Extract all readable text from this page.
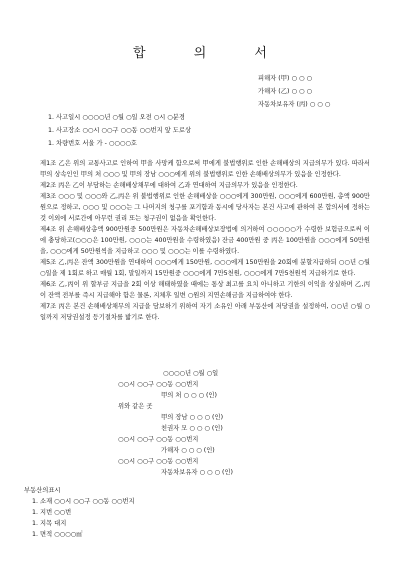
합 의 서
피해자 (甲) ○ ○ ○
가해자 (乙) ○ ○ ○
자동차보유자 (丙) ○ ○ ○
1. 사고일시 ○○○○년 ○월 ○일 오전 ○시 ○분경
1. 사고장소 ○○시 ○○구 ○○동 ○○번지 앞 도로상
1. 차량번호 서울 가 - ○○○○호
제1조 乙은 위의 교통사고로 인하여 甲을 사망케 함으로써 甲에게 불법행위로 인한 손해배상의 지급의무가 있다. 따라서 甲의 상속인인 甲의 처 ○○○ 및 甲의 장남 ○○○에게 위의 불법행위로 인한 손해배상의무가 있음을 인정한다.
제2조 丙은 乙이 부담하는 손해배상채무에 대하여 乙과 연대하여 지급의무가 있음을 인정한다.
제3조 ○○○ 및 ○○○와 乙,丙은 위 불법행위로 인한 손해배상을 ○○○에게 300만원, ○○○에게 600만원, 총액 900만원으로 정하고, ○○○ 및 ○○○는 그 나머지의 청구를 포기함과 동시에 당사자는 본건 사고에 관하여 본 합의서에 정하는 것 이외에 서로간에 아무런 권리 또는 청구권이 없음을 확인한다.
제4조 위 손해배상총액 900만원중 500만원은 자동차손해배상보장법에 의거하여 ○○○○○가 수령한 보험금으로써 이에 충당하고(○○○은 100만원, ○○○는 400만원을 수령하였음) 잔금 400만원 중 丙은 100만원을 ○○○에게 50만원을, ○○○에게 50만원씩을 지급하고 ○○○ 및 ○○○는 이를 수령하였다.
제5조 乙,丙은 잔액 300만원을 연대하여 ○○○에게 150만원, ○○○에게 150만원을 20회에 분할지급하되 ○○년 ○월 ○일을 제 1회로 하고 매월 1회, 말일까지 15만원중 ○○○에게 7만5천원, ○○○에게 7만5천원씩 지급하기로 한다.
제6조 乙,丙이 위 할부금 지급을 2회 이상 해태하였을 때에는 통상 최고를 요치 아니하고 기한의 이익을 상실하며 乙,丙이 잔액 전부를 즉시 지급해야 함은 물론, 지체후 일변 ○원의 지연손해금을 지급하여야 한다.
제7조 丙은 본건 손해배상채무의 지급을 담보하기 위하여 자기 소유인 아래 부동산에 저당권을 설정하여, ○○년 ○월 ○일까지 저당권설정 등기절차를 밟기로 한다.
○○○○년 ○월 ○일
○○시 ○○구 ○○동 ○○번지
甲의 처 ○ ○ ○ (인)
위와 같은 곳
甲의 장남 ○ ○ ○ (인)
친권자 모 ○ ○ ○ (인)
○○시 ○○구 ○○동 ○○번지
가해자 ○ ○ ○ (인)
○○시 ○○구 ○○동 ○○번지
자동차보유자 ○ ○ ○ (인)
부동산의표시
1. 소재 ○○시 ○○구 ○○동 ○○번지
1. 지번 ○○번
1. 지목 대지
1. 면적 ○○○○㎡
